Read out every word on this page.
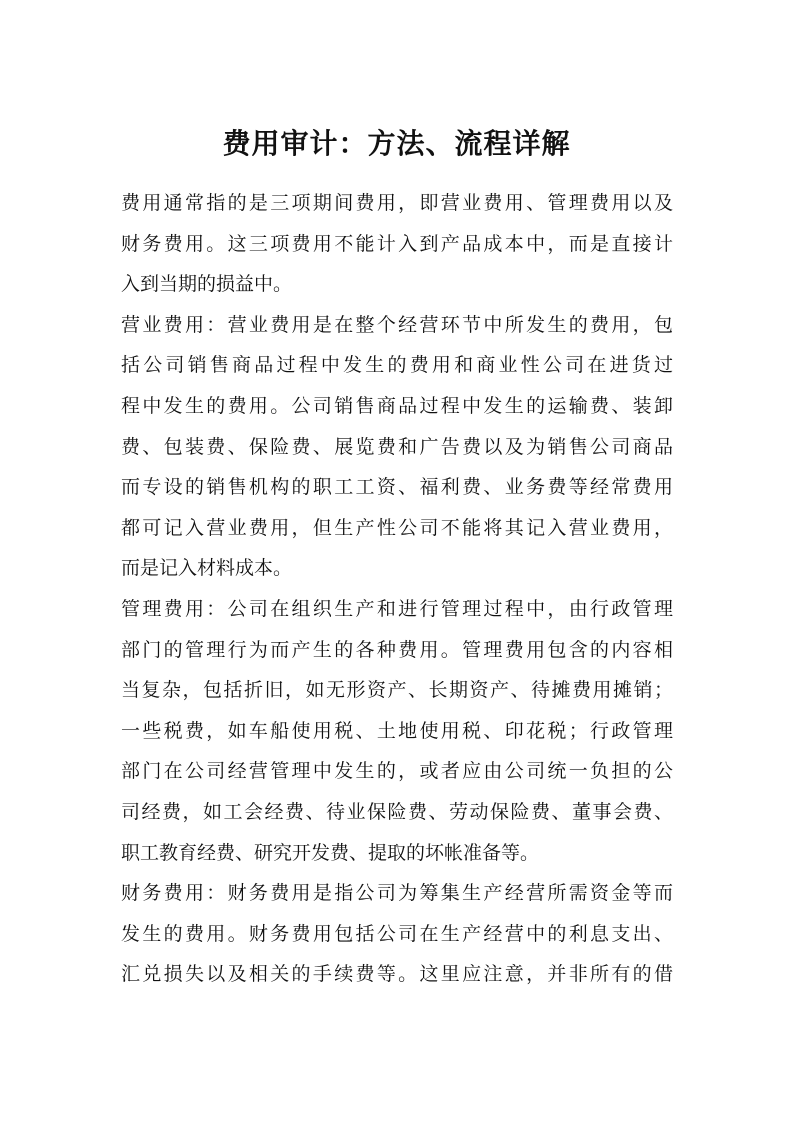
费用审计：方法、流程详解
费用通常指的是三项期间费用，即营业费用、管理费用以及
财务费用。这三项费用不能计入到产品成本中，而是直接计
入到当期的损益中。
营业费用：营业费用是在整个经营环节中所发生的费用，包
括公司销售商品过程中发生的费用和商业性公司在进货过
程中发生的费用。公司销售商品过程中发生的运输费、装卸
费、包装费、保险费、展览费和广告费以及为销售公司商品
而专设的销售机构的职工工资、福利费、业务费等经常费用
都可记入营业费用，但生产性公司不能将其记入营业费用，
而是记入材料成本。
管理费用：公司在组织生产和进行管理过程中，由行政管理
部门的管理行为而产生的各种费用。管理费用包含的内容相
当复杂，包括折旧，如无形资产、长期资产、待摊费用摊销；
一些税费，如车船使用税、土地使用税、印花税；行政管理
部门在公司经营管理中发生的，或者应由公司统一负担的公
司经费，如工会经费、待业保险费、劳动保险费、董事会费、
职工教育经费、研究开发费、提取的坏帐准备等。
财务费用：财务费用是指公司为筹集生产经营所需资金等而
发生的费用。财务费用包括公司在生产经营中的利息支出、
汇兑损失以及相关的手续费等。这里应注意，并非所有的借
